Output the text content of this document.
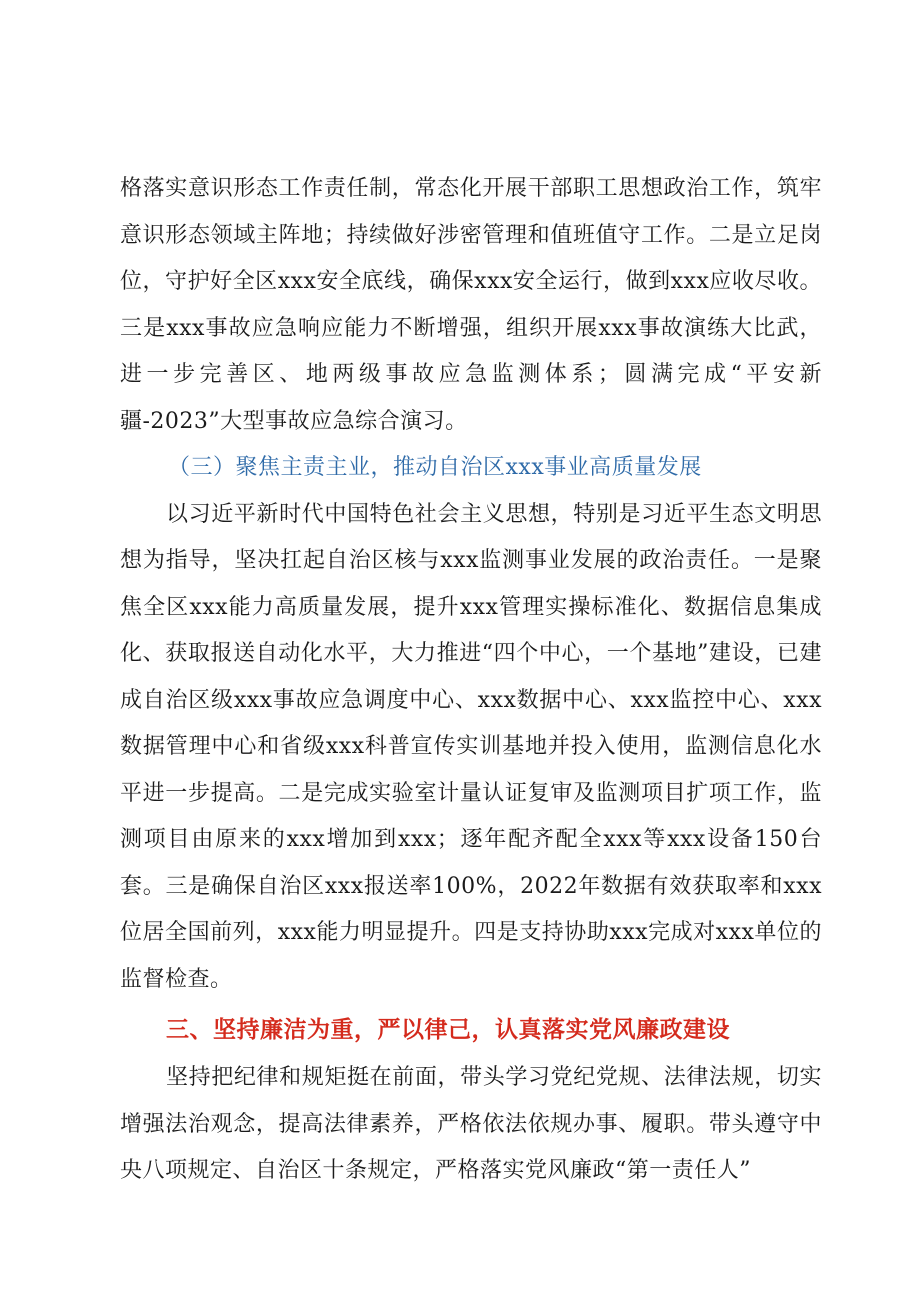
格落实意识形态工作责任制，常态化开展干部职工思想政治工作，筑牢意识形态领域主阵地；持续做好涉密管理和值班值守工作。二是立足岗位，守护好全区xxx安全底线，确保xxx安全运行，做到xxx应收尽收。三是xxx事故应急响应能力不断增强，组织开展xxx事故演练大比武，进一步完善区、地两级事故应急监测体系；圆满完成“平安新疆-2023”大型事故应急综合演习。

（三）聚焦主责主业，推动自治区xxx事业高质量发展

以习近平新时代中国特色社会主义思想，特别是习近平生态文明思想为指导，坚决扛起自治区核与xxx监测事业发展的政治责任。一是聚焦全区xxx能力高质量发展，提升xxx管理实操标准化、数据信息集成化、获取报送自动化水平，大力推进“四个中心，一个基地”建设，已建成自治区级xxx事故应急调度中心、xxx数据中心、xxx监控中心、xxx数据管理中心和省级xxx科普宣传实训基地并投入使用，监测信息化水平进一步提高。二是完成实验室计量认证复审及监测项目扩项工作，监测项目由原来的xxx增加到xxx；逐年配齐配全xxx等xxx设备150台套。三是确保自治区xxx报送率100%，2022年数据有效获取率和xxx位居全国前列，xxx能力明显提升。四是支持协助xxx完成对xxx单位的监督检查。

三、坚持廉洁为重，严以律己，认真落实党风廉政建设

坚持把纪律和规矩挺在前面，带头学习党纪党规、法律法规，切实增强法治观念，提高法律素养，严格依法依规办事、履职。带头遵守中央八项规定、自治区十条规定，严格落实党风廉政“第一责任人”
